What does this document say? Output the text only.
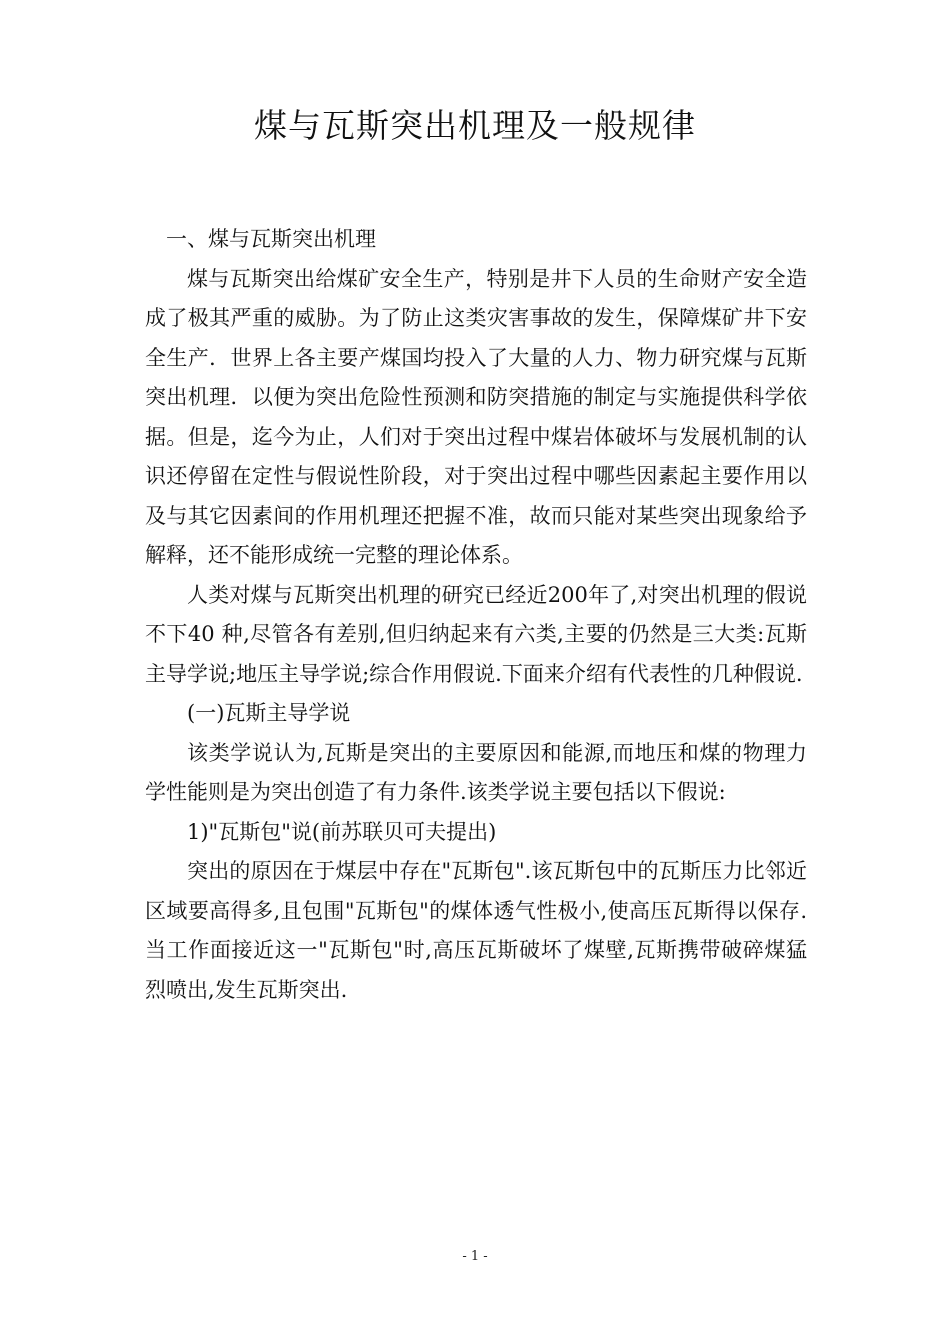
煤与瓦斯突出机理及一般规律

一、煤与瓦斯突出机理

煤与瓦斯突出给煤矿安全生产，特别是井下人员的生命财产安全造成了极其严重的威胁。为了防止这类灾害事故的发生，保障煤矿井下安全生产．世界上各主要产煤国均投入了大量的人力、物力研究煤与瓦斯突出机理．以便为突出危险性预测和防突措施的制定与实施提供科学依据。但是，迄今为止，人们对于突出过程中煤岩体破坏与发展机制的认识还停留在定性与假说性阶段，对于突出过程中哪些因素起主要作用以及与其它因素间的作用机理还把握不准，故而只能对某些突出现象给予解释，还不能形成统一完整的理论体系。

人类对煤与瓦斯突出机理的研究已经近200年了,对突出机理的假说不下40 种,尽管各有差别,但归纳起来有六类,主要的仍然是三大类:瓦斯主导学说;地压主导学说;综合作用假说.下面来介绍有代表性的几种假说.

(一)瓦斯主导学说

该类学说认为,瓦斯是突出的主要原因和能源,而地压和煤的物理力学性能则是为突出创造了有力条件.该类学说主要包括以下假说:

1)"瓦斯包"说(前苏联贝可夫提出)

突出的原因在于煤层中存在"瓦斯包".该瓦斯包中的瓦斯压力比邻近区域要高得多,且包围"瓦斯包"的煤体透气性极小,使高压瓦斯得以保存.当工作面接近这一"瓦斯包"时,高压瓦斯破坏了煤壁,瓦斯携带破碎煤猛烈喷出,发生瓦斯突出.

- 1 -
